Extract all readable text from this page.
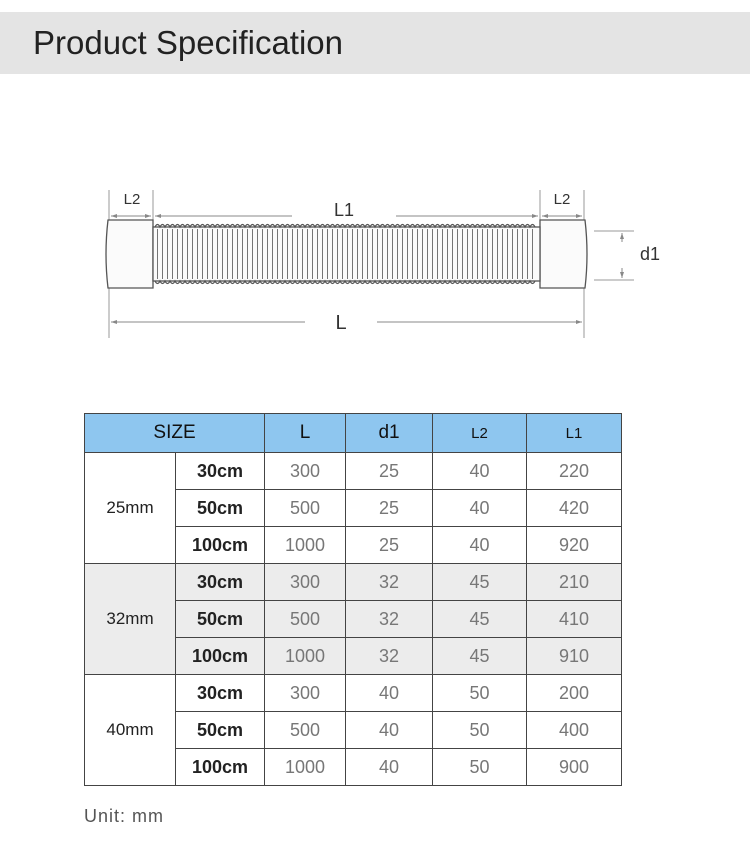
Product Specification
L2
L1
L2
d1
L
SIZE		L	d1	L2	L1
25mm	30cm	300	25	40	220
	50cm	500	25	40	420
	100cm	1000	25	40	920
32mm	30cm	300	32	45	210
	50cm	500	32	45	410
	100cm	1000	32	45	910
40mm	30cm	300	40	50	200
	50cm	500	40	50	400
	100cm	1000	40	50	900
Unit: mm
